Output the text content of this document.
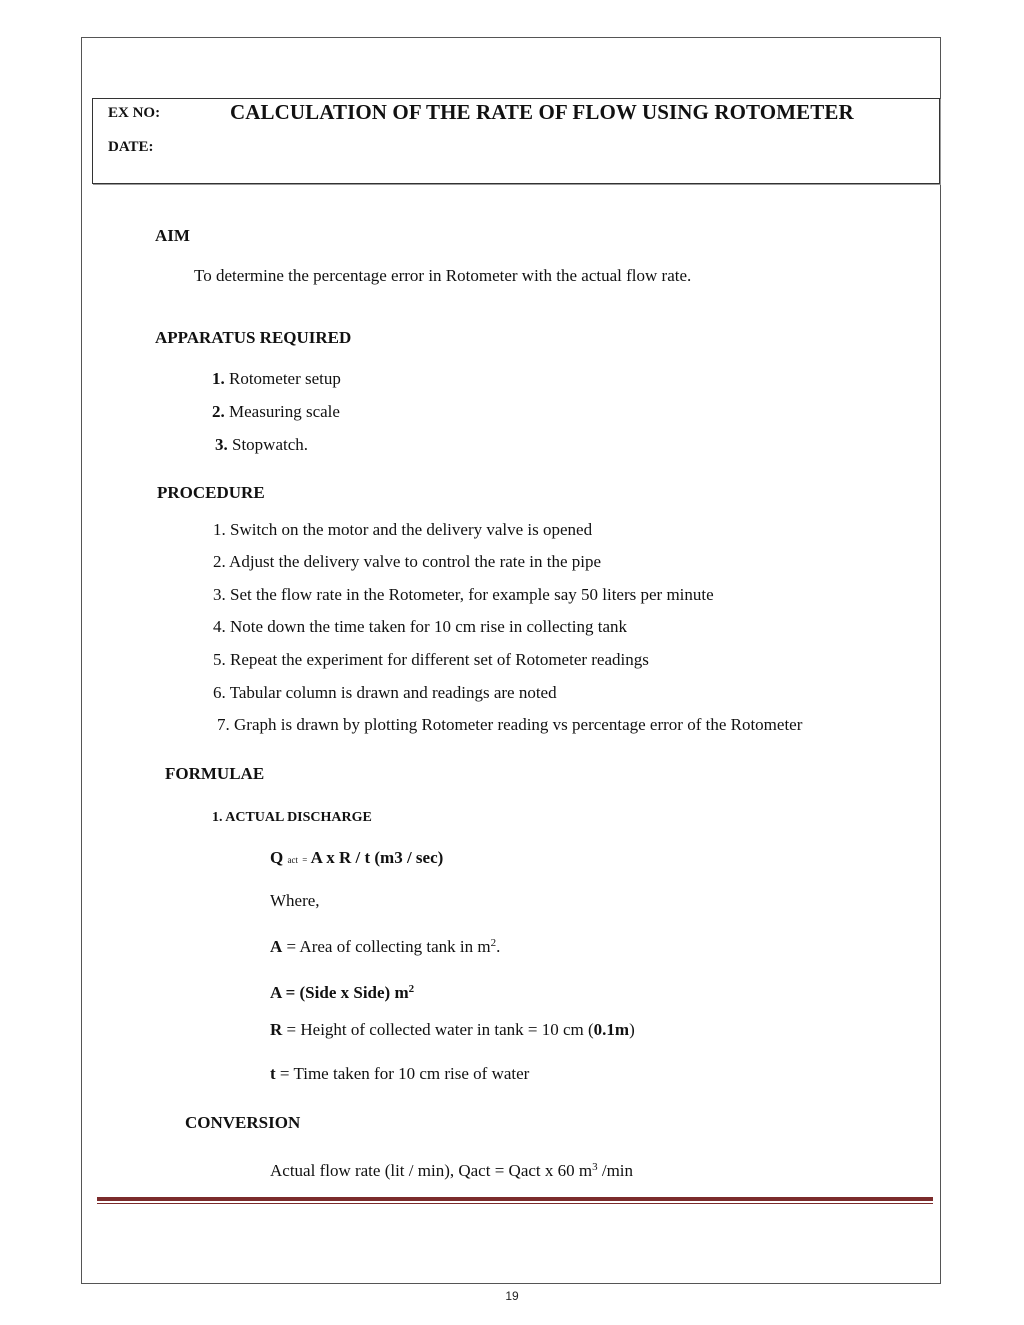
EX NO:	CALCULATION OF THE RATE OF FLOW USING ROTOMETER
DATE:
AIM
To determine the percentage error in Rotometer with the actual flow rate.
APPARATUS REQUIRED
1. Rotometer setup
2. Measuring scale
3. Stopwatch.
PROCEDURE
1. Switch on the motor and the delivery valve is opened
2. Adjust the delivery valve to control the rate in the pipe
3. Set the flow rate in the Rotometer, for example say 50 liters per minute
4. Note down the time taken for 10 cm rise in collecting tank
5. Repeat the experiment for different set of Rotometer readings
6. Tabular column is drawn and readings are noted
7. Graph is drawn by plotting Rotometer reading vs percentage error of the Rotometer
FORMULAE
1. ACTUAL DISCHARGE
Q act = A x R / t (m3 / sec)
Where,
A = Area of collecting tank in $m^2$.
A = (Side x Side) $m^2$
R = Height of collected water in tank = 10 cm (0.1m)
t = Time taken for 10 cm rise of water
CONVERSION
Actual flow rate (lit / min), Qact = Qact x 60 $m^3$ /min
19
